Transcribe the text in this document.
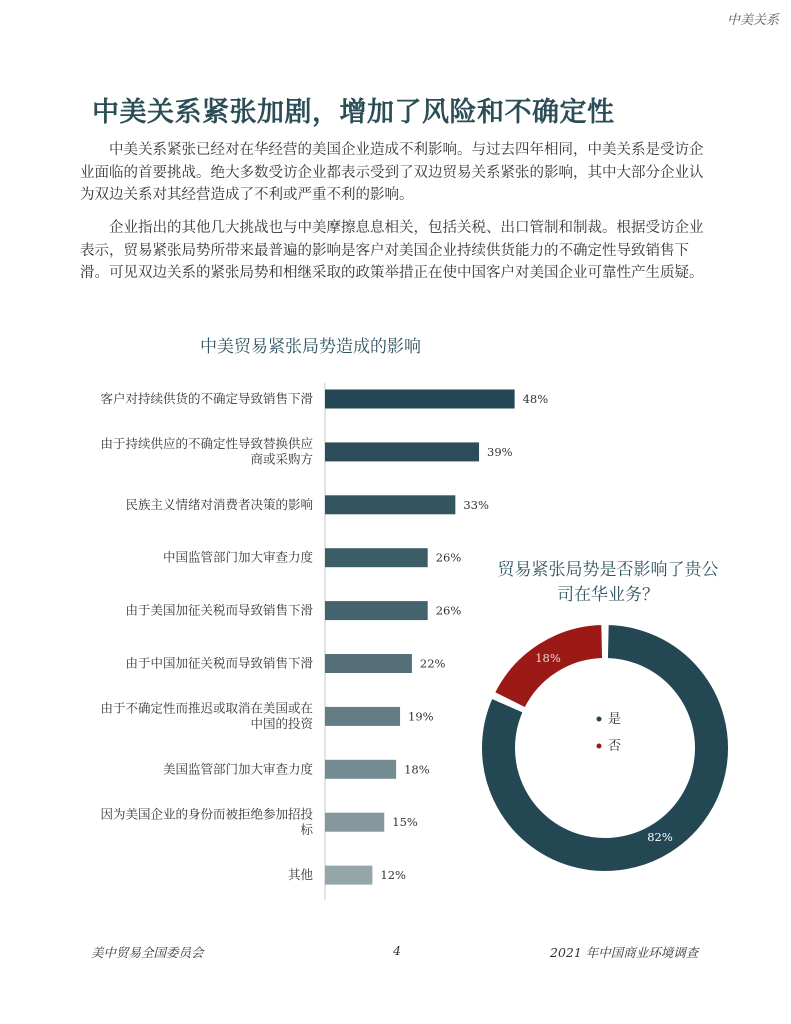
中美关系
中美关系紧张加剧，增加了风险和不确定性
中美关系紧张已经对在华经营的美国企业造成不利影响。与过去四年相同，中美关系是受访企业面临的首要挑战。绝大多数受访企业都表示受到了双边贸易关系紧张的影响，其中大部分企业认为双边关系对其经营造成了不利或严重不利的影响。
企业指出的其他几大挑战也与中美摩擦息息相关，包括关税、出口管制和制裁。根据受访企业表示，贸易紧张局势所带来最普遍的影响是客户对美国企业持续供货能力的不确定性导致销售下滑。可见双边关系的紧张局势和相继采取的政策举措正在使中国客户对美国企业可靠性产生质疑。
中美贸易紧张局势造成的影响
48%
客户对持续供货的不确定导致销售下滑
39%
由于持续供应的不确定性导致替换供应商或采购方
33%
民族主义情绪对消费者决策的影响
26%
中国监管部门加大审查力度
26%
由于美国加征关税而导致销售下滑
22%
由于中国加征关税而导致销售下滑
19%
由于不确定性而推迟或取消在美国或在中国的投资
18%
美国监管部门加大审查力度
15%
因为美国企业的身份而被拒绝参加招投标
12%
其他
贸易紧张局势是否影响了贵公司在华业务？
82%
18%
是
否
美中贸易全国委员会	4	2021 年中国商业环境调查
